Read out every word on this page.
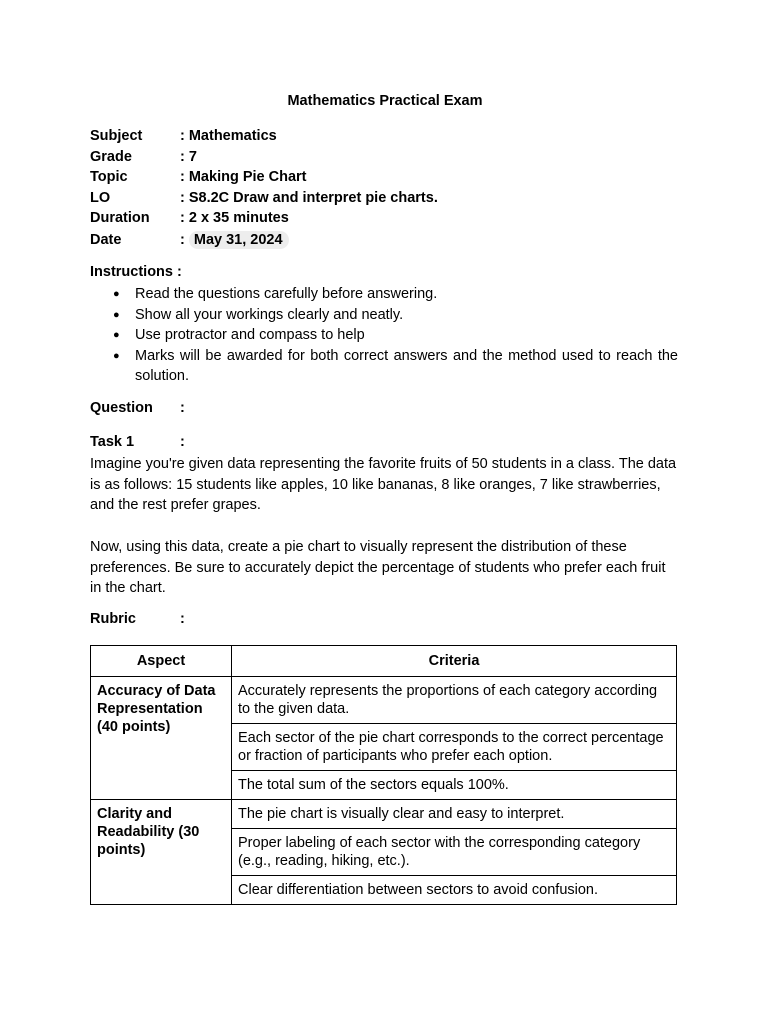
Mathematics Practical Exam
Subject	: Mathematics
Grade	: 7
Topic	: Making Pie Chart
LO	: S8.2C Draw and interpret pie charts.
Duration	: 2 x 35 minutes
Date	: May 31, 2024
Instructions :
● Read the questions carefully before answering.
● Show all your workings clearly and neatly.
● Use protractor and compass to help
● Marks will be awarded for both correct answers and the method used to reach the solution.
Question :
Task 1	:
Imagine you're given data representing the favorite fruits of 50 students in a class. The data is as follows: 15 students like apples, 10 like bananas, 8 like oranges, 7 like strawberries, and the rest prefer grapes.
Now, using this data, create a pie chart to visually represent the distribution of these preferences. Be sure to accurately depict the percentage of students who prefer each fruit in the chart.
Rubric	:
Aspect	Criteria
Accuracy of Data Representation (40 points)	Accurately represents the proportions of each category according to the given data.
	Each sector of the pie chart corresponds to the correct percentage or fraction of participants who prefer each option.
	The total sum of the sectors equals 100%.
Clarity and Readability (30 points)	The pie chart is visually clear and easy to interpret.
	Proper labeling of each sector with the corresponding category (e.g., reading, hiking, etc.).
	Clear differentiation between sectors to avoid confusion.
